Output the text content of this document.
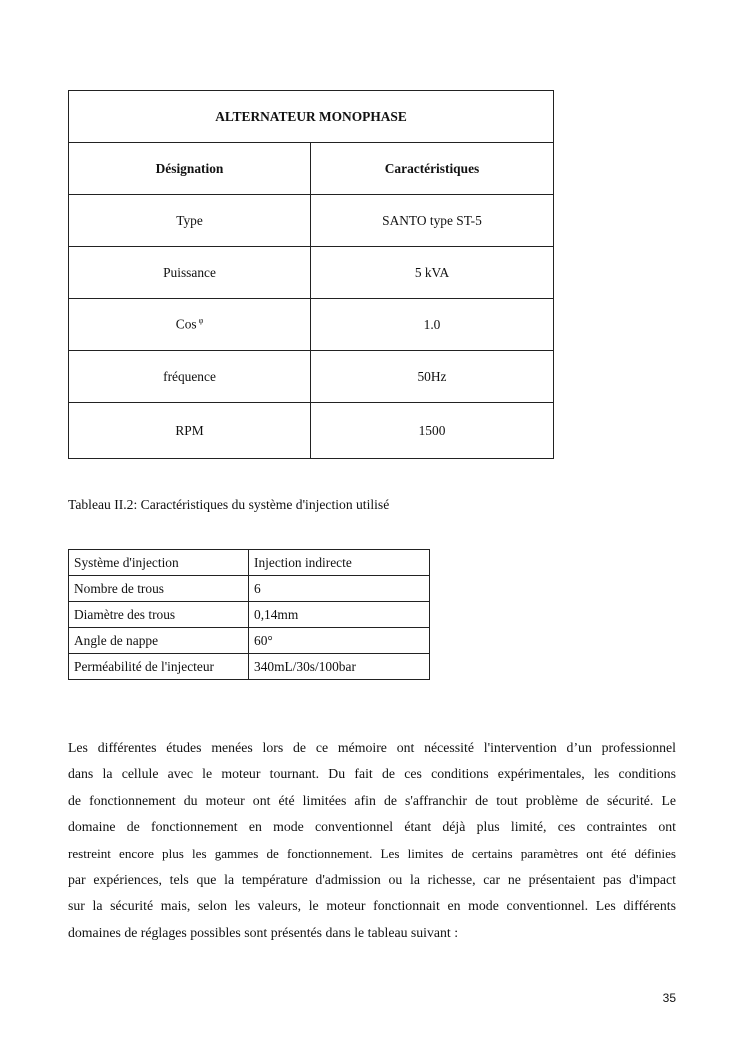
ALTERNATEUR MONOPHASE	
Désignation	Caractéristiques
Type	SANTO type ST-5
Puissance	5 kVA
Cos $^\varphi$	1.0
fréquence	50Hz
RPM	1500
Tableau II.2: Caractéristiques du système d'injection utilisé
Système d'injection	Injection indirecte
Nombre de trous	6
Diamètre des trous	0,14mm
Angle de nappe	60°
Perméabilité de l'injecteur	340mL/30s/100bar
Les différentes études menées lors de ce mémoire ont nécessité l'intervention d’un professionnel
dans la cellule avec le moteur tournant. Du fait de ces conditions expérimentales, les conditions
de fonctionnement du moteur ont été limitées afin de s'affranchir de tout problème de sécurité. Le
domaine de fonctionnement en mode conventionnel étant déjà plus limité, ces contraintes ont
restreint encore plus les gammes de fonctionnement. Les limites de certains paramètres ont été définies
par expériences, tels que la température d'admission ou la richesse, car ne présentaient pas d'impact
sur la sécurité mais, selon les valeurs, le moteur fonctionnait en mode conventionnel. Les différents
domaines de réglages possibles sont présentés dans le tableau suivant :
35
